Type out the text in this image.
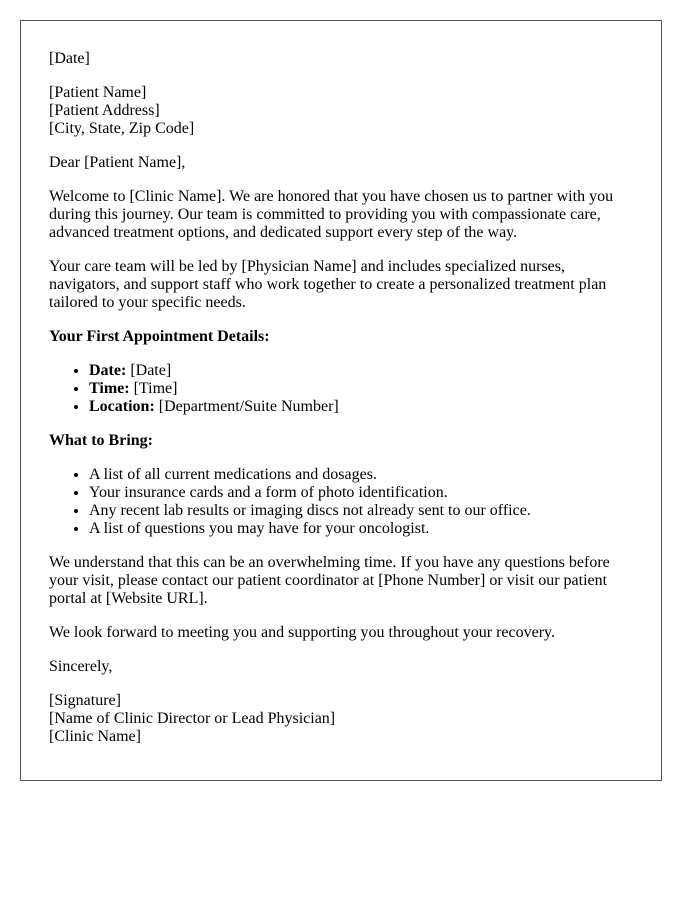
[Date]

[Patient Name]
[Patient Address]
[City, State, Zip Code]

Dear [Patient Name],

Welcome to [Clinic Name]. We are honored that you have chosen us to partner with you during this journey. Our team is committed to providing you with compassionate care, advanced treatment options, and dedicated support every step of the way.

Your care team will be led by [Physician Name] and includes specialized nurses, navigators, and support staff who work together to create a personalized treatment plan tailored to your specific needs.

Your First Appointment Details:

• Date: [Date]
• Time: [Time]
• Location: [Department/Suite Number]

What to Bring:

• A list of all current medications and dosages.
• Your insurance cards and a form of photo identification.
• Any recent lab results or imaging discs not already sent to our office.
• A list of questions you may have for your oncologist.

We understand that this can be an overwhelming time. If you have any questions before your visit, please contact our patient coordinator at [Phone Number] or visit our patient portal at [Website URL].

We look forward to meeting you and supporting you throughout your recovery.

Sincerely,

[Signature]
[Name of Clinic Director or Lead Physician]
[Clinic Name]
